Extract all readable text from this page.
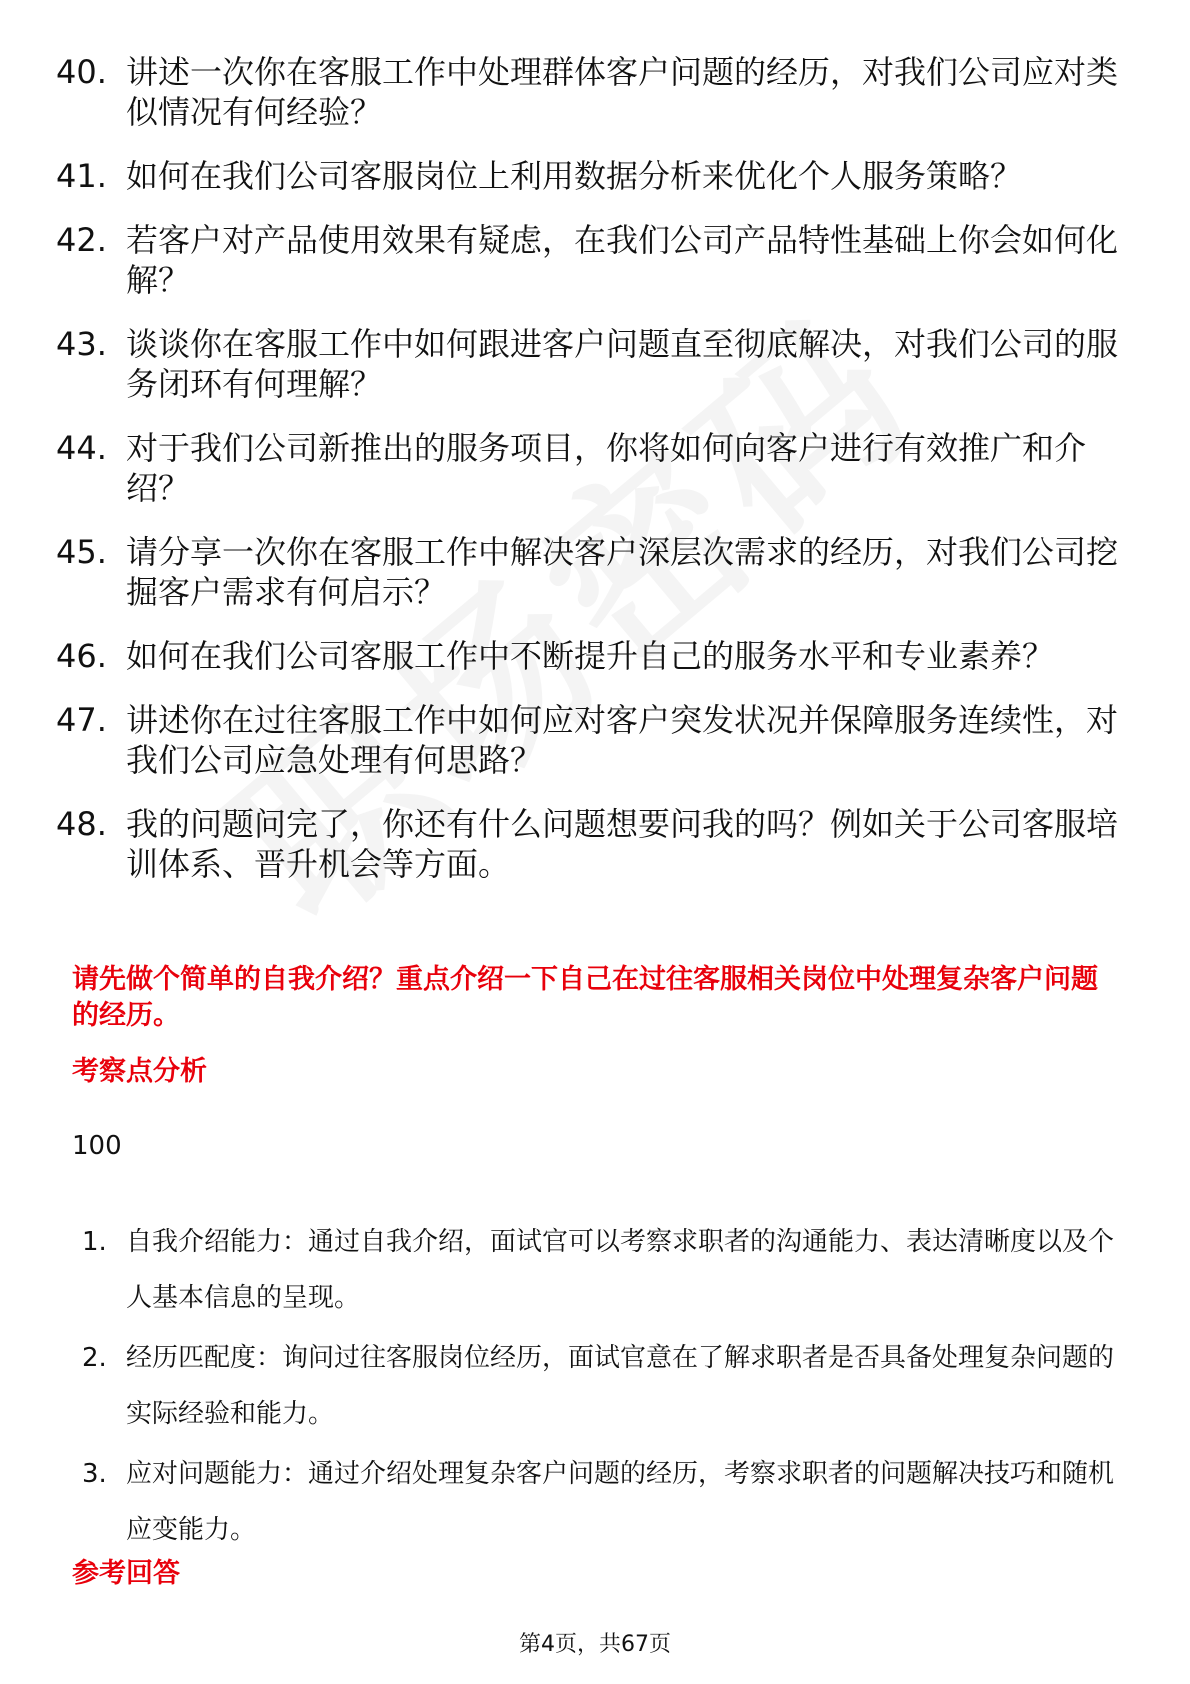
40. 讲述一次你在客服工作中处理群体客户问题的经历，对我们公司应对类似情况有何经验？
41. 如何在我们公司客服岗位上利用数据分析来优化个人服务策略？
42. 若客户对产品使用效果有疑虑，在我们公司产品特性基础上你会如何化解？
43. 谈谈你在客服工作中如何跟进客户问题直至彻底解决，对我们公司的服务闭环有何理解？
44. 对于我们公司新推出的服务项目，你将如何向客户进行有效推广和介绍？
45. 请分享一次你在客服工作中解决客户深层次需求的经历，对我们公司挖掘客户需求有何启示？
46. 如何在我们公司客服工作中不断提升自己的服务水平和专业素养？
47. 讲述你在过往客服工作中如何应对客户突发状况并保障服务连续性，对我们公司应急处理有何思路？
48. 我的问题问完了，你还有什么问题想要问我的吗？例如关于公司客服培训体系、晋升机会等方面。

请先做个简单的自我介绍？重点介绍一下自己在过往客服相关岗位中处理复杂客户问题的经历。

考察点分析

100

1. 自我介绍能力：通过自我介绍，面试官可以考察求职者的沟通能力、表达清晰度以及个人基本信息的呈现。
2. 经历匹配度：询问过往客服岗位经历，面试官意在了解求职者是否具备处理复杂问题的实际经验和能力。
3. 应对问题能力：通过介绍处理复杂客户问题的经历，考察求职者的问题解决技巧和随机应变能力。

参考回答

第4页，共67页
